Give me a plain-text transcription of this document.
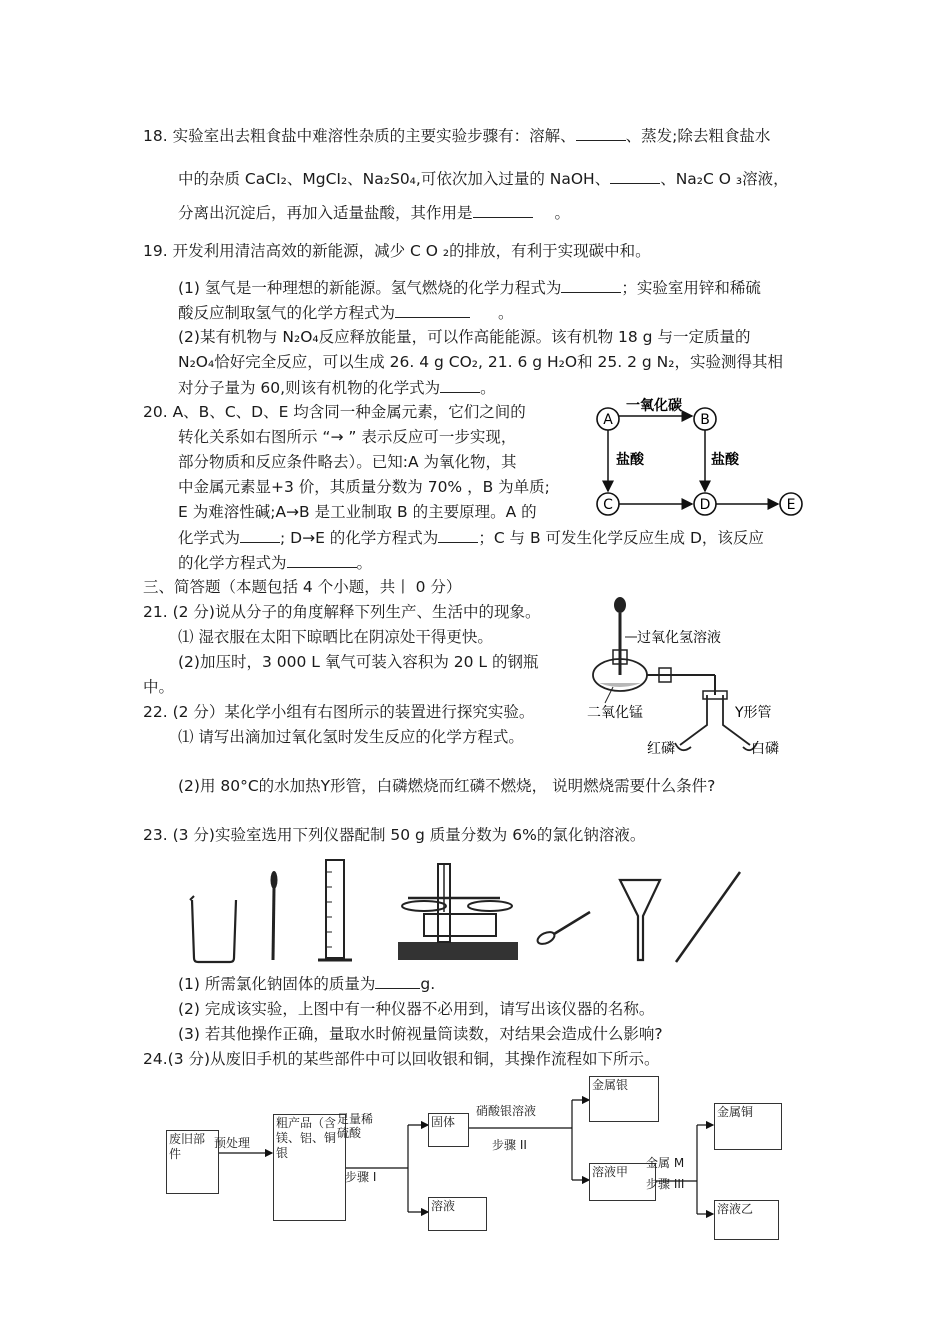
18. 实验室出去粗食盐中难溶性杂质的主要实验步骤有：溶解、	、蒸发;除去粗食盐水
中的杂质 CaCI₂、MgCI₂、Na₂S0₄,可依次加入过量的 NaOH、	、Na₂C O ₃溶液，
分离出沉淀后，再加入适量盐酸，其作用是	。
19. 开发利用清洁高效的新能源，减少 C O ₂的排放，有利于实现碳中和。
(1) 氢气是一种理想的新能源。氢气燃烧的化学力程式为	；实验室用锌和稀硫
酸反应制取氢气的化学方程式为	。
(2)某有机物与 N₂O₄反应释放能量，可以作高能能源。该有机物 18 g 与一定质量的
N₂O₄恰好完全反应，可以生成 26. 4 g CO₂, 21. 6 g H₂O和 25. 2 g N₂，实验测得其相
对分子量为 60,则该有机物的化学式为	。
20. A、B、C、D、E 均含同一种金属元素，它们之间的
转化关系如右图所示 “→ ” 表示反应可一步实现，
部分物质和反应条件略去）。已知:A 为氧化物，其
中金属元素显+3 价，其质量分数为 70% ，B 为单质;
E 为难溶性碱;A→B 是工业制取 B 的主要原理。A 的
化学式为	; D→E 的化学方程式为	；C 与 B 可发生化学反应生成 D，该反应
的化学方程式为	。
A	B
C	D	E
一氧化碳
盐酸	盐酸
三、简答题（本题包括 4 个小题，共丨 0 分）
21. (2 分)说从分子的角度解释下列生产、生活中的现象。
⑴ 湿衣服在太阳下晾晒比在阴凉处干得更快。
(2)加压时，3 000 L 氧气可装入容积为 20 L 的钢瓶
中。
22. (2 分）某化学小组有右图所示的装置进行探究实验。
⑴ 请写出滴加过氧化氢时发生反应的化学方程式。
(2)用 80°C的水加热Y形管，白磷燃烧而红磷不燃烧， 说明燃烧需要什么条件?
过氧化氢溶液
二氧化锰	Y形管
红磷	白磷
23. (3 分)实验室选用下列仪器配制 50 g 质量分数为 6%的氯化钠溶液。
(1) 所需氯化钠固体的质量为	g.
(2) 完成该实验，上图中有一种仪器不必用到，请写出该仪器的名称。
(3) 若其他操作正确，量取水时俯视量筒读数，对结果会造成什么影响?
24.(3 分)从废旧手机的某些部件中可以回收银和铜，其操作流程如下所示。
废旧部件
预处理
粗产品（含镁、铝、铜银
足量稀硫酸
步骤 I
固体
溶液
硝酸银溶液
步骤 II
金属银
溶液甲
金属 M
步骤 III
金属铜
溶液乙
